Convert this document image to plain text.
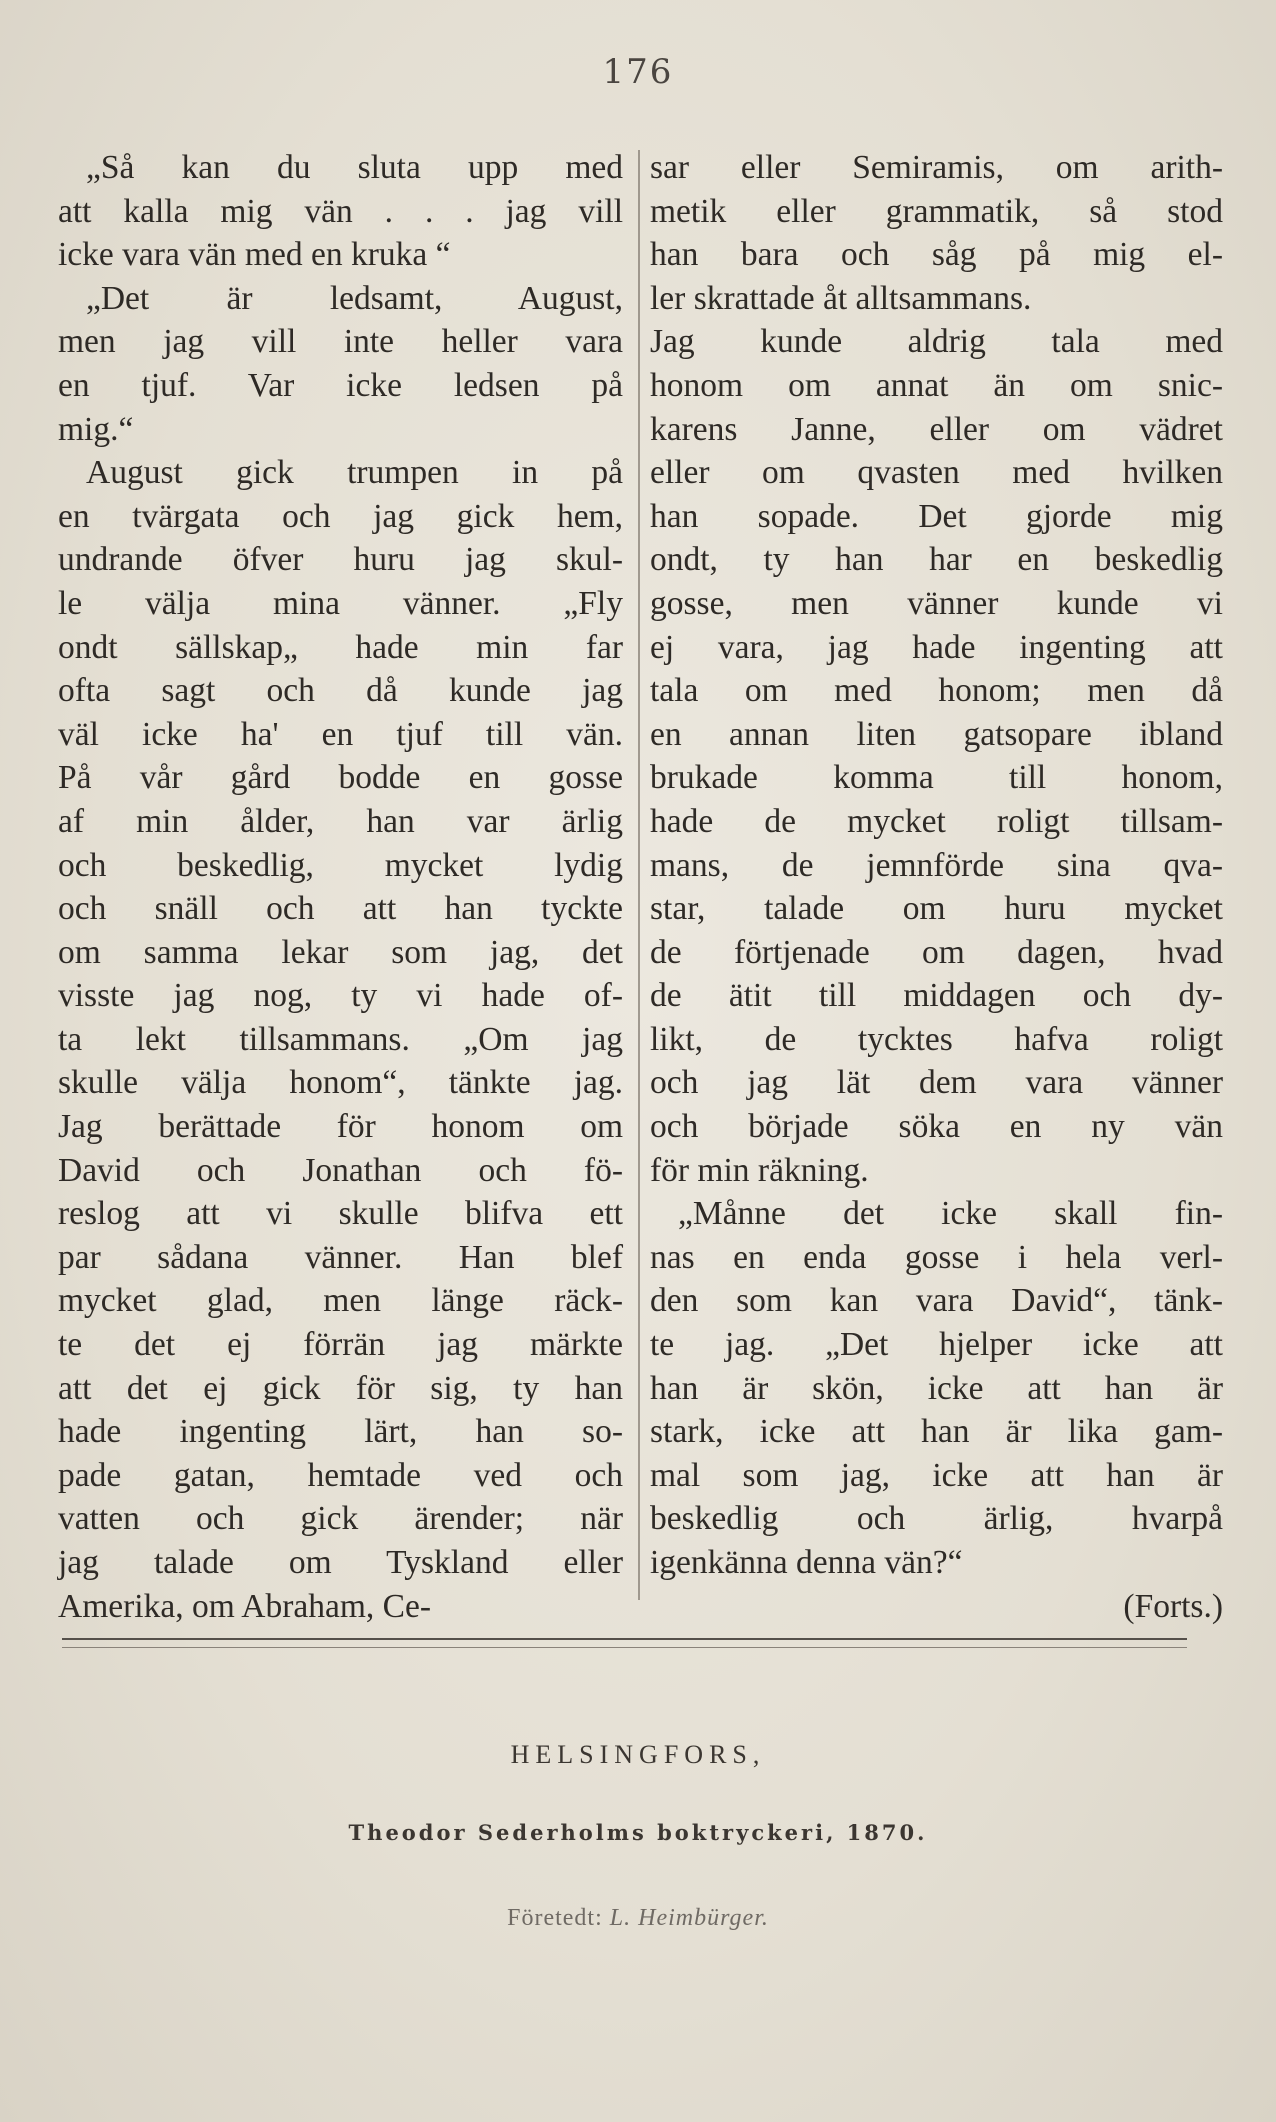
176
„Så kan du sluta upp med
att kalla mig vän . . . jag vill
icke vara vän med en kruka “
„Det är ledsamt, August,
men jag vill inte heller vara
en tjuf. Var icke ledsen på
mig.“
August gick trumpen in på
en tvärgata och jag gick hem,
undrande öfver huru jag skul-
le välja mina vänner. „Fly
ondt sällskap„ hade min far
ofta sagt och då kunde jag
väl icke ha' en tjuf till vän.
På vår gård bodde en gosse
af min ålder, han var ärlig
och beskedlig, mycket lydig
och snäll och att han tyckte
om samma lekar som jag, det
visste jag nog, ty vi hade of-
ta lekt tillsammans. „Om jag
skulle välja honom“, tänkte jag.
Jag berättade för honom om
David och Jonathan och fö-
reslog att vi skulle blifva ett
par sådana vänner. Han blef
mycket glad, men länge räck-
te det ej förrän jag märkte
att det ej gick för sig, ty han
hade ingenting lärt, han so-
pade gatan, hemtade ved och
vatten och gick ärender; när
jag talade om Tyskland eller
Amerika, om Abraham, Ce-
sar eller Semiramis, om arith-
metik eller grammatik, så stod
han bara och såg på mig el-
ler skrattade åt alltsammans.
Jag kunde aldrig tala med
honom om annat än om snic-
karens Janne, eller om vädret
eller om qvasten med hvilken
han sopade. Det gjorde mig
ondt, ty han har en beskedlig
gosse, men vänner kunde vi
ej vara, jag hade ingenting att
tala om med honom; men då
en annan liten gatsopare ibland
brukade komma till honom,
hade de mycket roligt tillsam-
mans, de jemnförde sina qva-
star, talade om huru mycket
de förtjenade om dagen, hvad
de ätit till middagen och dy-
likt, de tycktes hafva roligt
och jag lät dem vara vänner
och började söka en ny vän
för min räkning.
„Månne det icke skall fin-
nas en enda gosse i hela verl-
den som kan vara David“, tänk-
te jag. „Det hjelper icke att
han är skön, icke att han är
stark, icke att han är lika gam-
mal som jag, icke att han är
beskedlig och ärlig, hvarpå
igenkänna denna vän?“
(Forts.)
HELSINGFORS,
Theodor Sederholms boktryckeri, 1870.
Företedt: L. Heimbürger.
